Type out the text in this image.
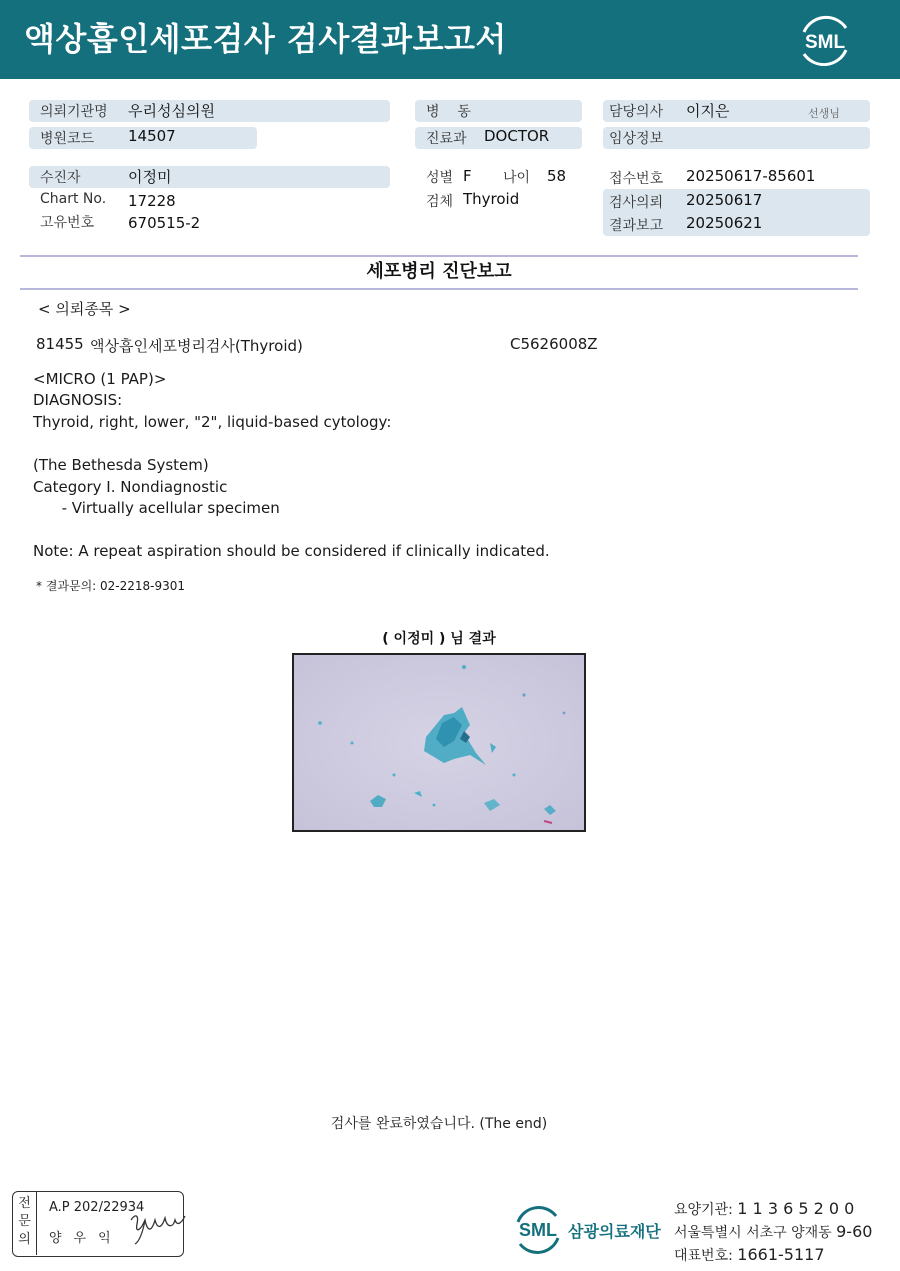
액상흡인세포검사 검사결과보고서	SML
의뢰기관명 우리성심의원
병원코드 14507
수진자	이정미
Chart No. 17228
고유번호 670515-2
병    동
진료과 DOCTOR
성별 F 나이 58
검체 Thyroid
담당의사 이지은	선생님
임상정보
접수번호 20250617-85601
검사의뢰 20250617
결과보고 20250621
세포병리 진단보고
< 의뢰종목 >
81455 액상흡인세포병리검사(Thyroid)	C5626008Z
<MICRO (1 PAP)>
DIAGNOSIS:
Thyroid, right, lower, "2", liquid-based cytology:
(The Bethesda System)
Category I. Nondiagnostic
- Virtually acellular specimen
Note: A repeat aspiration should be considered if clinically indicated.
* 결과문의: 02-2218-9301
( 이정미 ) 님 결과
검사를 완료하였습니다. (The end)
전
문
의
A.P 202/22934
양우익	SML 삼광의료재단
요양기관: 1 1 3 6 5 2 0 0
서울특별시 서초구 양재동 9-60
대표번호: 1661-5117
